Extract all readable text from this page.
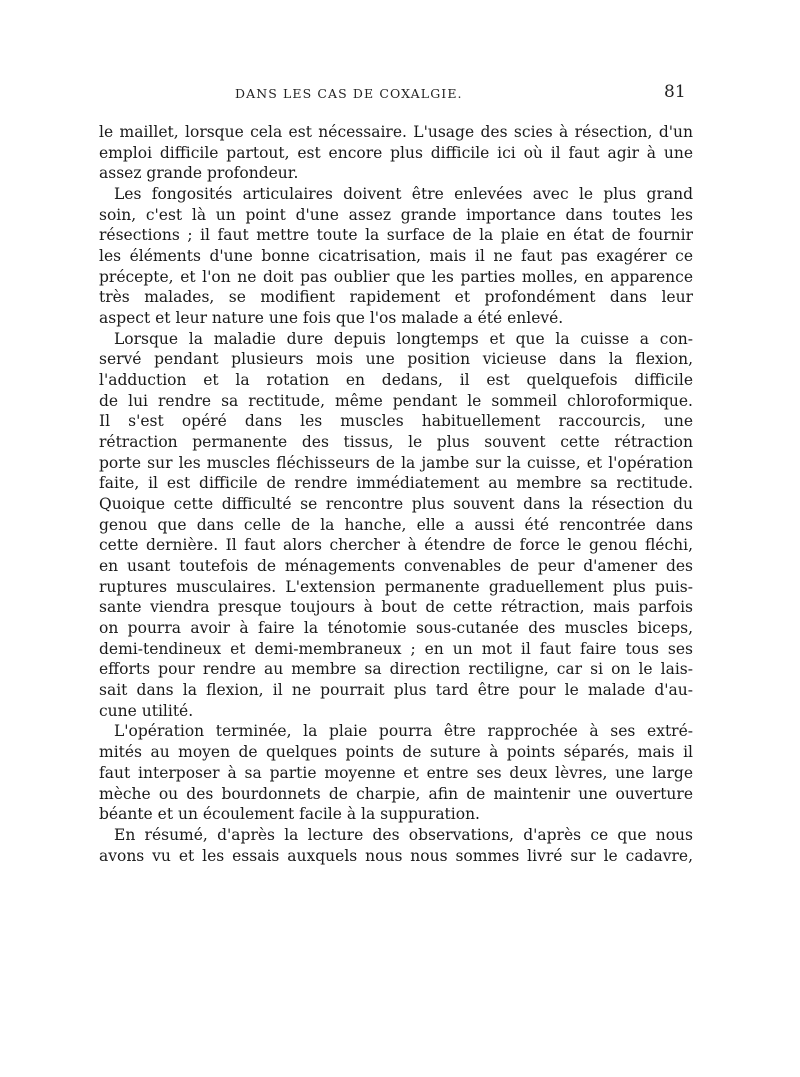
DANS LES CAS DE COXALGIE.	81

le maillet, lorsque cela est nécessaire. L'usage des scies à résection, d'un
emploi difficile partout, est encore plus difficile ici où il faut agir à une
assez grande profondeur.

Les fongosités articulaires doivent être enlevées avec le plus grand
soin, c'est là un point d'une assez grande importance dans toutes les
résections ; il faut mettre toute la surface de la plaie en état de fournir
les éléments d'une bonne cicatrisation, mais il ne faut pas exagérer ce
précepte, et l'on ne doit pas oublier que les parties molles, en apparence
très malades, se modifient rapidement et profondément dans leur
aspect et leur nature une fois que l'os malade a été enlevé.

Lorsque la maladie dure depuis longtemps et que la cuisse a con-
servé pendant plusieurs mois une position vicieuse dans la flexion,
l'adduction et la rotation en dedans, il est quelquefois difficile
de lui rendre sa rectitude, même pendant le sommeil chloroformique.
Il s'est opéré dans les muscles habituellement raccourcis, une
rétraction permanente des tissus, le plus souvent cette rétraction
porte sur les muscles fléchisseurs de la jambe sur la cuisse, et l'opération
faite, il est difficile de rendre immédiatement au membre sa rectitude.
Quoique cette difficulté se rencontre plus souvent dans la résection du
genou que dans celle de la hanche, elle a aussi été rencontrée dans
cette dernière. Il faut alors chercher à étendre de force le genou fléchi,
en usant toutefois de ménagements convenables de peur d'amener des
ruptures musculaires. L'extension permanente graduellement plus puis-
sante viendra presque toujours à bout de cette rétraction, mais parfois
on pourra avoir à faire la ténotomie sous-cutanée des muscles biceps,
demi-tendineux et demi-membraneux ; en un mot il faut faire tous ses
efforts pour rendre au membre sa direction rectiligne, car si on le lais-
sait dans la flexion, il ne pourrait plus tard être pour le malade d'au-
cune utilité.

L'opération terminée, la plaie pourra être rapprochée à ses extré-
mités au moyen de quelques points de suture à points séparés, mais il
faut interposer à sa partie moyenne et entre ses deux lèvres, une large
mèche ou des bourdonnets de charpie, afin de maintenir une ouverture
béante et un écoulement facile à la suppuration.

En résumé, d'après la lecture des observations, d'après ce que nous
avons vu et les essais auxquels nous nous sommes livré sur le cadavre,
